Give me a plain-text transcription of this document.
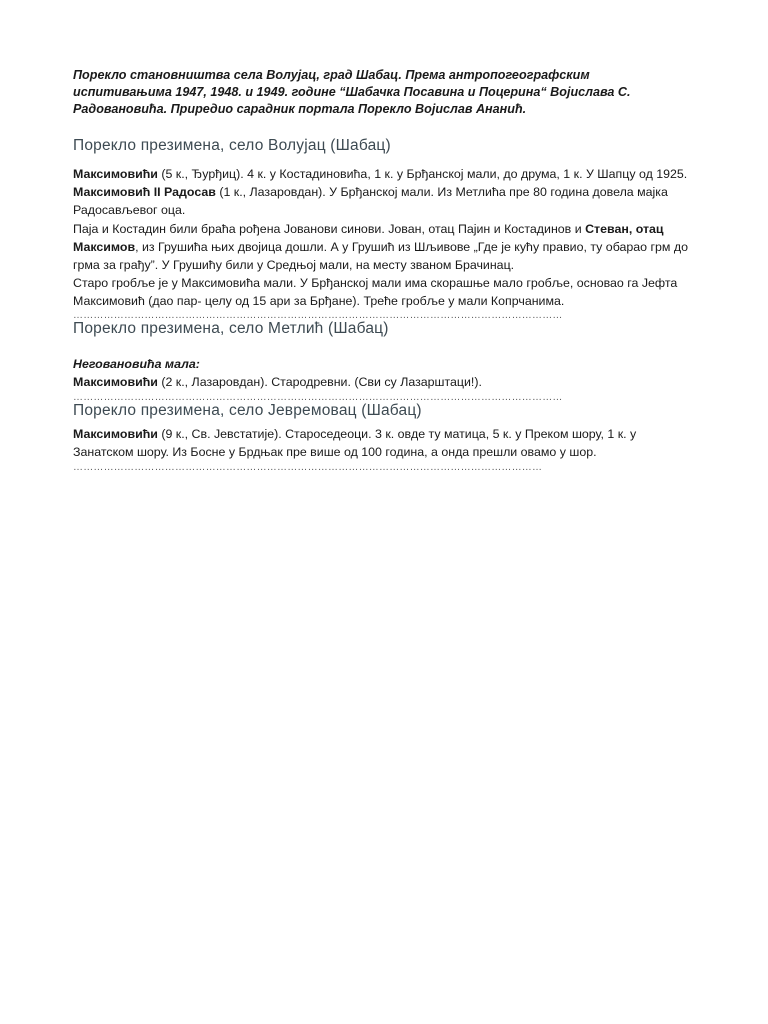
Порекло становништва села Волујац, град Шабац. Према антропогеографским испитивањима 1947, 1948. и 1949. године “Шабачка Посавина и Поцерина“ Војислава С. Радовановића. Приредио сарадник портала Порекло Војислав Ананић.

Порекло презимена, село Волујац (Шабац)

Максимовићи (5 к., Ђурђиц). 4 к. у Костадиновића, 1 к. у Брђанској мали, до друма, 1 к. У Шапцу од 1925.

Максимовић II Радосав (1 к., Лазаровдан). У Брђанској мали. Из Метлића пре 80 година довела мајка Радосављевог оца.

Паја и Костадин били браћа рођена Јованови синови. Јован, отац Пајин и Костадинов и Стеван, отац Максимов, из Грушића њих двојица дошли. А у Грушић из Шљивове „Где је кућу правио, ту обарао грм до грма за грађу”. У Грушићу били у Средњој мали, на месту званом Брачинац.

Старо гробље је у Максимовића мали. У Брђанској мали има скорашње мало гробље, основао га Јефта Максимовић (дао пар- целу од 15 ари за Брђане). Треће гробље у мали Копрчанима.

………………………………………………………………………………………………………………………………

Порекло презимена, село Метлић (Шабац)

Негованoвића мала:

Максимовићи (2 к., Лазаровдан). Стародревни. (Сви су Лазарштаци!).

………………………………………………………………………………………………………………………………

Порекло презимена, село Јевремовац (Шабац)

Максимовићи (9 к., Св. Јевстатије). Староседеоци. 3 к. овде ту матица, 5 к. у Преком шору, 1 к. у Занатском шору. Из Босне у Брдњак пре више од 100 година, а онда прешли овамо у шор.

…………………………………………………………………………………………………………………………
